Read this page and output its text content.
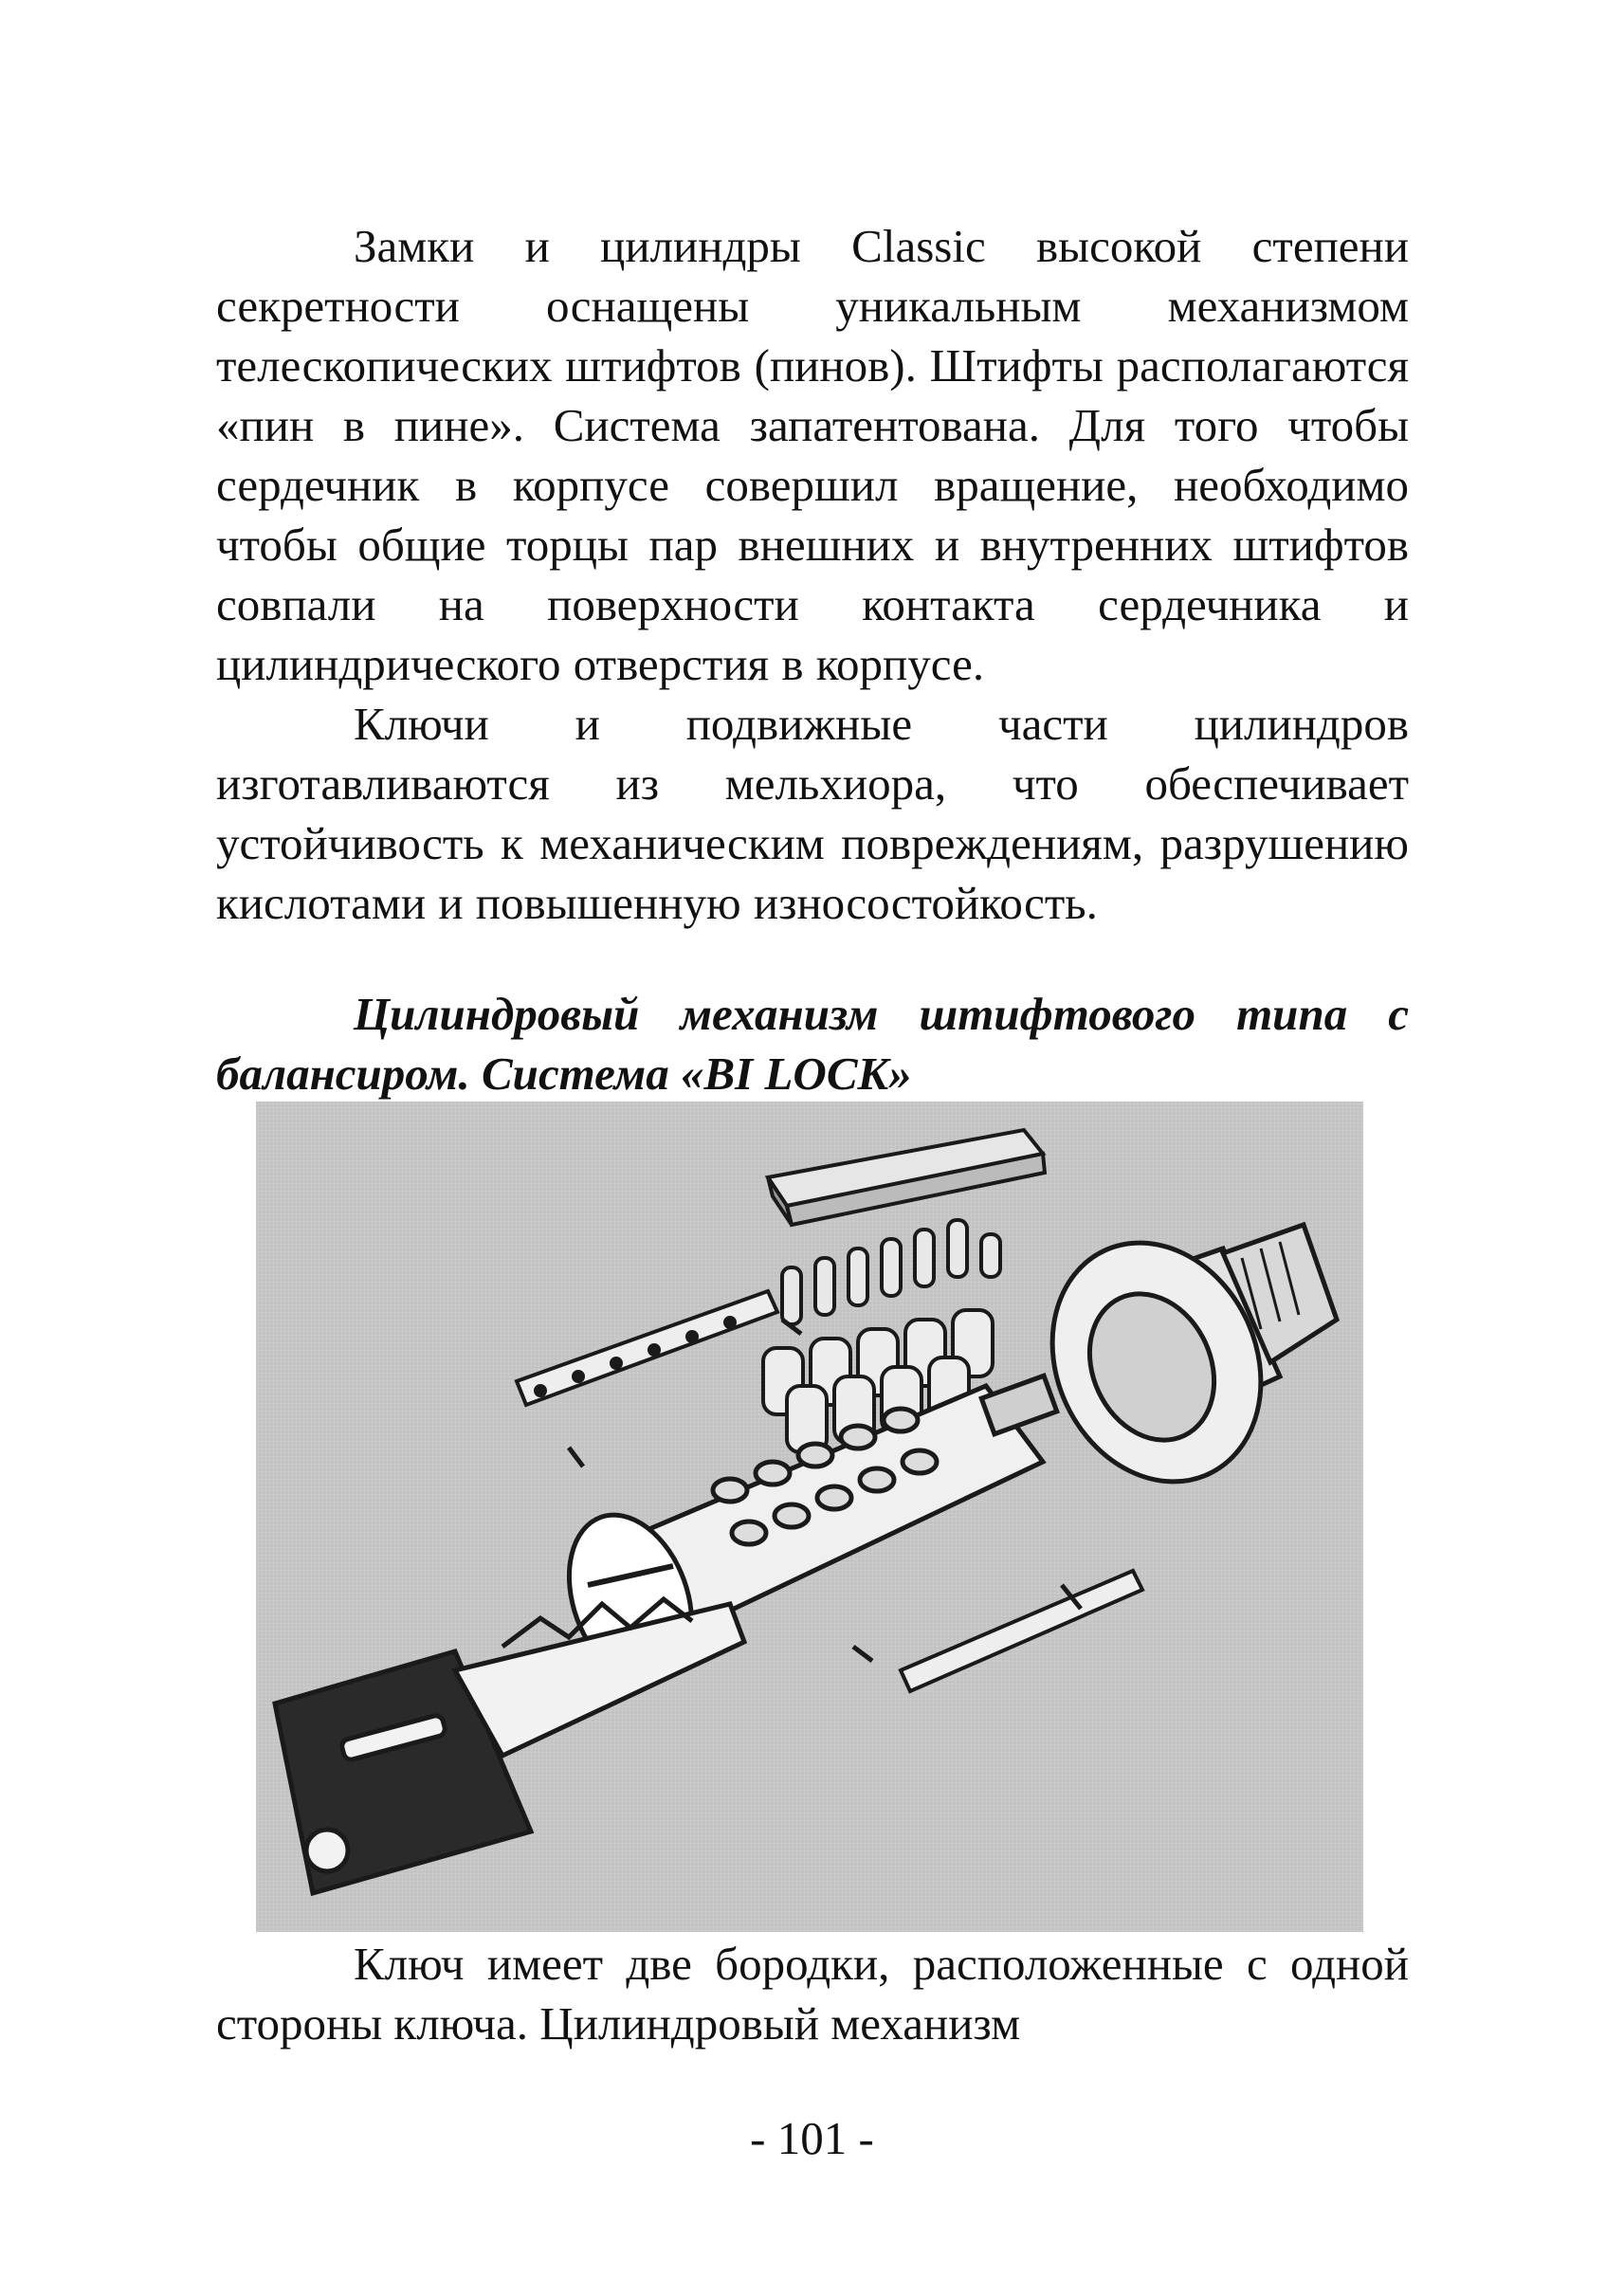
Замки и цилиндры Classic высокой степени секретности оснащены уникальным механизмом телескопических штифтов (пинов). Штифты располагаются «пин в пине». Система запатентована. Для того чтобы сердечник в корпусе совершил вращение, необходимо чтобы общие торцы пар внешних и внутренних штифтов совпали на поверхности контакта сердечника и цилиндрического отверстия в корпусе.

Ключи и подвижные части цилиндров изготавливаются из мельхиора, что обеспечивает устойчивость к механическим повреждениям, разрушению кислотами и повышенную износостойкость.

Цилиндровый механизм штифтового типа с балансиром. Система «BI LOCK»

Ключ имеет две бородки, расположенные с одной стороны ключа. Цилиндровый механизм

- 101 -
